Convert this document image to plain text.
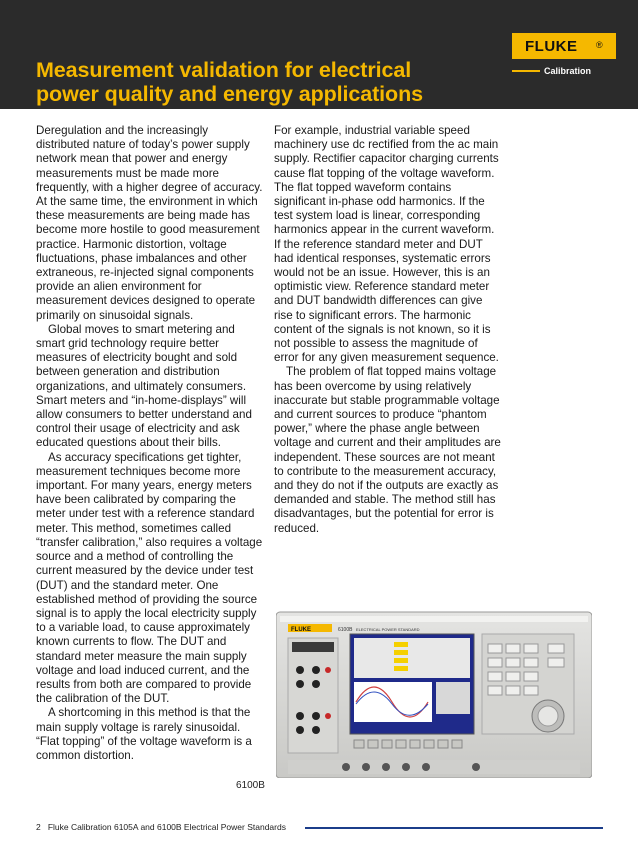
Measurement validation for electrical
power quality and energy applications
FLUKE ®
Calibration

Deregulation and the increasingly distributed nature of today’s power supply network mean that power and energy measurements must be made more frequently, with a higher degree of accuracy. At the same time, the environment in which these measurements are being made has become more hostile to good measurement practice. Harmonic distortion, voltage fluctuations, phase imbalances and other extraneous, re-injected signal components provide an alien environment for measurement devices designed to operate primarily on sinusoidal signals.

Global moves to smart metering and smart grid technology require better measures of electricity bought and sold between generation and distribution organizations, and ultimately consumers. Smart meters and “in-home-displays” will allow consumers to better understand and control their usage of electricity and ask educated questions about their bills.

As accuracy specifications get tighter, measurement techniques become more important. For many years, energy meters have been calibrated by comparing the meter under test with a reference standard meter. This method, sometimes called “transfer calibration,” also requires a voltage source and a method of controlling the current measured by the device under test (DUT) and the standard meter. One established method of providing the source signal is to apply the local electricity supply to a variable load, to cause approximately known currents to flow. The DUT and standard meter measure the main supply voltage and load induced current, and the results from both are compared to provide the calibration of the DUT.

A shortcoming in this method is that the main supply voltage is rarely sinusoidal. “Flat topping” of the voltage waveform is a common distortion.

For example, industrial variable speed machinery use dc rectified from the ac main supply. Rectifier capacitor charging currents cause flat topping of the voltage waveform. The flat topped waveform contains significant in-phase odd harmonics. If the test system load is linear, corresponding harmonics appear in the current waveform. If the reference standard meter and DUT had identical responses, systematic errors would not be an issue. However, this is an optimistic view. Reference standard meter and DUT bandwidth differences can give rise to significant errors. The harmonic content of the signals is not known, so it is not possible to assess the magnitude of error for any given measurement sequence.

The problem of flat topped mains voltage has been overcome by using relatively inaccurate but stable programmable voltage and current sources to produce “phantom power,” where the phase angle between voltage and current and their amplitudes are independent. These sources are not meant to contribute to the measurement accuracy, and they do not if the outputs are exactly as demanded and stable. The method still has disadvantages, but the potential for error is reduced.

FLUKE	6100B ELECTRICAL POWER STANDARD
6100B
2 Fluke Calibration 6105A and 6100B Electrical Power Standards
